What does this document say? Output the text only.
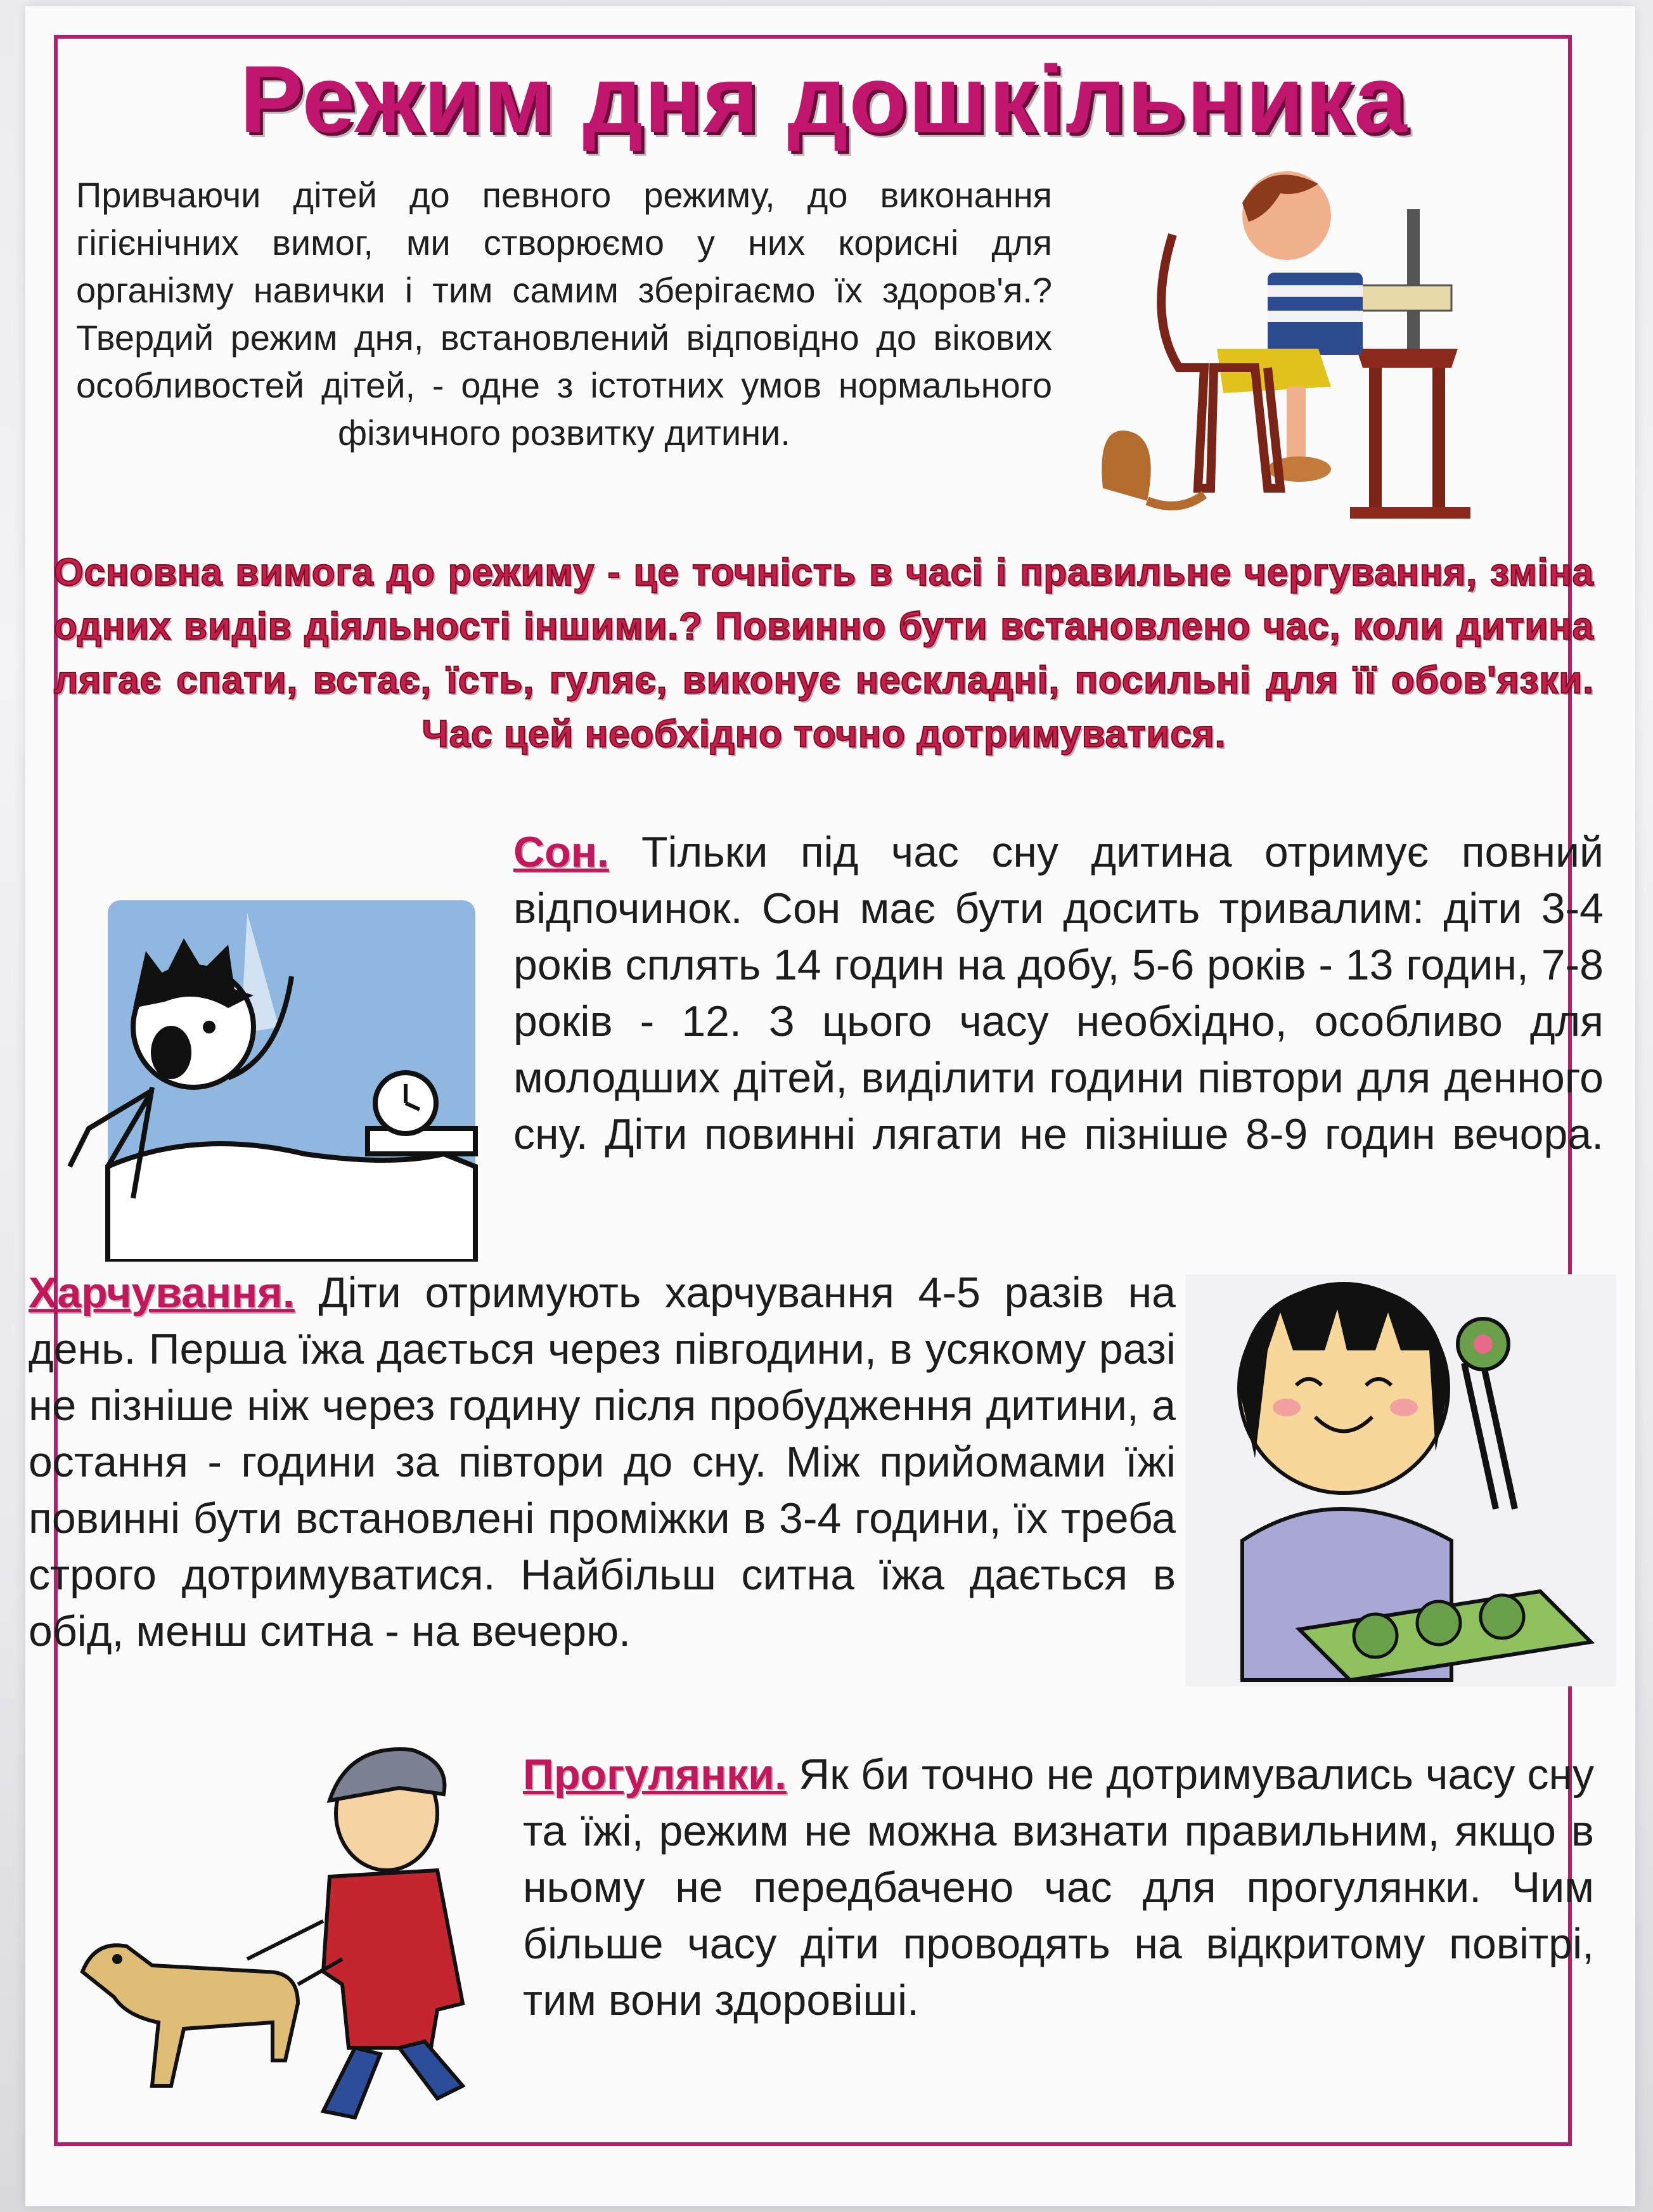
Режим дня дошкільника
Привчаючи дітей до певного режиму, до виконання гігієнічних вимог, ми створюємо у них корисні для організму навички і тим самим зберігаємо їх здоров'я.? Твердий режим дня, встановлений відповідно до вікових особливостей дітей, - одне з істотних умов нормального фізичного розвитку дитини.
Основна вимога до режиму - це точність в часі і правильне чергування, зміна одних видів діяльності іншими.? Повинно бути встановлено час, коли дитина лягає спати, встає, їсть, гуляє, виконує нескладні, посильні для її обов'язки. Час цей необхідно точно дотримуватися.
Сон. Тільки під час сну дитина отримує повний відпочинок. Сон має бути досить тривалим: діти 3-4 років сплять 14 годин на добу, 5-6 років - 13 годин, 7-8 років - 12. З цього часу необхідно, особливо для молодших дітей, виділити години півтори для денного сну. Діти повинні лягати не пізніше 8-9 годин вечора.
Харчування. Діти отримують харчування 4-5 разів на день. Перша їжа дається через півгодини, в усякому разі не пізніше ніж через годину після пробудження дитини, а остання - години за півтори до сну. Між прийомами їжі повинні бути встановлені проміжки в 3-4 години, їх треба строго дотримуватися. Найбільш ситна їжа дається в обід, менш ситна - на вечерю.
Прогулянки. Як би точно не дотримувались часу сну та їжі, режим не можна визнати правильним, якщо в ньому не передбачено час для прогулянки. Чим більше часу діти проводять на відкритому повітрі, тим вони здоровіші.
